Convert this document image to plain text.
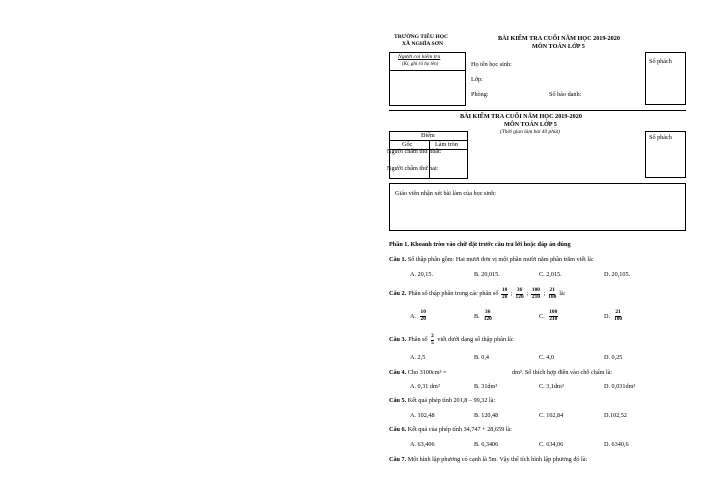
TRƯỜNG TIỂU HỌC
XÃ NGHĨA SƠN
BÀI KIỂM TRA CUỐI NĂM HỌC 2019-2020
MÔN TOÁN LỚP 5
Người coi kiểm tra
(Kí, ghi rõ họ tên)	Họ tên học sinh:
Lớp:
Phòng:	Số báo danh:
Số phách
BÀI KIỂM TRA CUỐI NĂM HỌC 2019-2020
MÔN TOÁN LỚP 5
(Thời gian làm bài 40 phút)
Điểm
Gốc	Làm tròn
Người chấm thứ nhất:
Người chấm thứ hai:
Số phách
Giáo viên nhận xét bài làm của học sinh:
Phần 1. Khoanh tròn vào chữ đặt trước câu trả lời hoặc đáp án đúng
Câu 1. Số thập phân gồm: Hai mươi đơn vị một phần mười năm phần trăm viết là:
A. 20,15.	B. 20,015.	C. 2,015.	D. 20,105.
Câu 2. Phân số thập phân trong các phân số $\frac{10}{20}$ ; $\frac{36}{120}$ ; $\frac{100}{210}$ ; $\frac{21}{100}$ là:
A. $\frac{10}{20}$	B. $\frac{36}{120}$	C. $\frac{100}{210}$	D. $\frac{21}{100}$
Câu 3. Phân số $\frac{2}{5}$ viết dưới dạng số thập phân là:
A. 2,5	B. 0,4	C. 4,0	D. 0,25
Câu 4. Cho 3100cm³ =	dm³. Số thích hợp điền vào chỗ chấm là:
A. 0,31 dm³	B. 31dm³	C. 3,1dm³	D. 0,031dm³
Câu 5. Kết quả phép tính 201,8 – 99,32 là:
A. 102,48	B. 120,48	C. 102,84	D.102,52
Câu 6. Kết quả của phép tính 34,747 + 28,659 là:
A. 63,406	B. 6,3406	C. 634,06	D. 6340,6
Câu 7. Một hình lập phương có cạnh là 5m. Vậy thể tích hình lập phương đó là:
